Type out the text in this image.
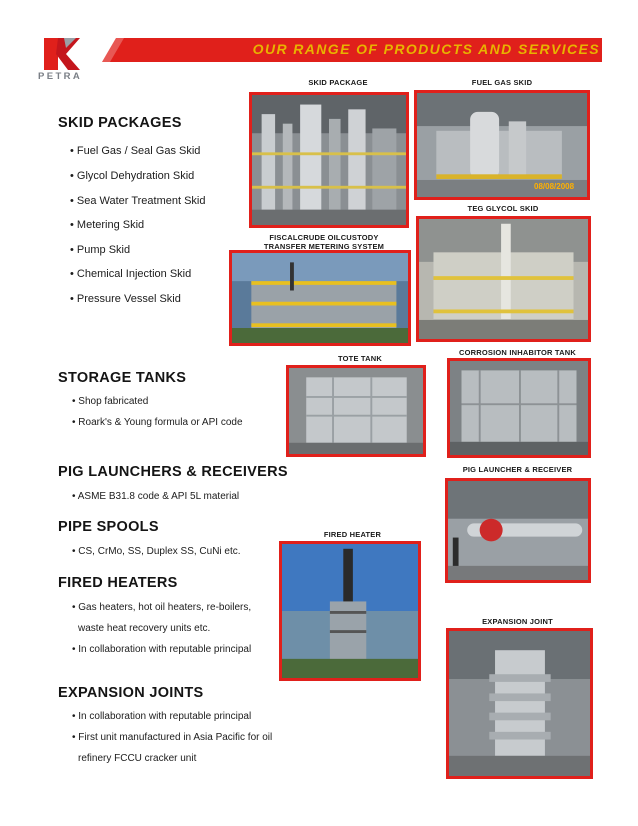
PETRA
OUR RANGE OF PRODUCTS AND SERVICES
SKID PACKAGES
• Fuel Gas / Seal Gas Skid
• Glycol Dehydration Skid
• Sea Water Treatment Skid
• Metering Skid
• Pump Skid
• Chemical Injection Skid
• Pressure Vessel Skid
STORAGE TANKS
• Shop fabricated
• Roark's & Young formula or API code
PIG LAUNCHERS & RECEIVERS
• ASME B31.8 code & API 5L material
PIPE SPOOLS
• CS, CrMo, SS, Duplex SS, CuNi etc.
FIRED HEATERS
• Gas heaters, hot oil heaters, re-boilers,
waste heat recovery units etc.
• In collaboration with reputable principal
EXPANSION JOINTS
• In collaboration with reputable principal
• First unit manufactured in Asia Pacific for oil
refinery FCCU cracker unit
SKID PACKAGE	FUEL GAS SKID
TEG GLYCOL SKID
FISCALCRUDE OILCUSTODY
TRANSFER METERING SYSTEM
TOTE TANK
CORROSION INHABITOR TANK
PIG LAUNCHER & RECEIVER
FIRED HEATER
EXPANSION JOINT
08/08/2008
